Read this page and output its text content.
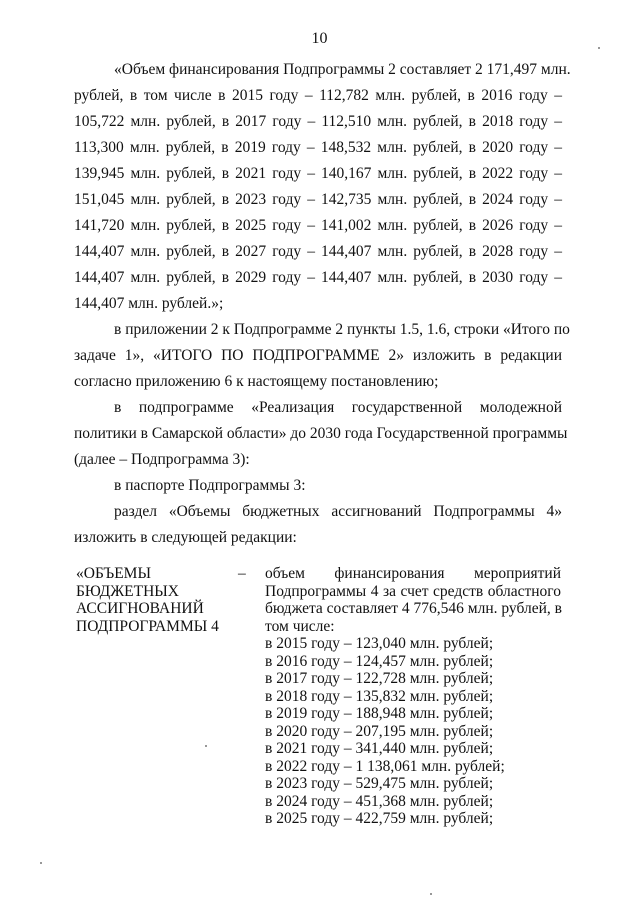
10
«Объем финансирования Подпрограммы 2 составляет 2 171,497 млн.
рублей, в том числе в 2015 году – 112,782 млн. рублей, в 2016 году –
105,722 млн. рублей, в 2017 году – 112,510 млн. рублей, в 2018 году –
113,300 млн. рублей, в 2019 году – 148,532 млн. рублей, в 2020 году –
139,945 млн. рублей, в 2021 году – 140,167 млн. рублей, в 2022 году –
151,045 млн. рублей, в 2023 году – 142,735 млн. рублей, в 2024 году –
141,720 млн. рублей, в 2025 году – 141,002 млн. рублей, в 2026 году –
144,407 млн. рублей, в 2027 году – 144,407 млн. рублей, в 2028 году –
144,407 млн. рублей, в 2029 году – 144,407 млн. рублей, в 2030 году –
144,407 млн. рублей.»;
в приложении 2 к Подпрограмме 2 пункты 1.5, 1.6, строки «Итого по
задаче 1», «ИТОГО ПО ПОДПРОГРАММЕ 2» изложить в редакции
согласно приложению 6 к настоящему постановлению;
в подпрограмме «Реализация государственной молодежной
политики в Самарской области» до 2030 года Государственной программы
(далее – Подпрограмма 3):
в паспорте Подпрограммы 3:
раздел «Объемы бюджетных ассигнований Подпрограммы 4»
изложить в следующей редакции:
«ОБЪЕМЫ
БЮДЖЕТНЫХ
АССИГНОВАНИЙ
ПОДПРОГРАММЫ 4
– объем финансирования мероприятий
Подпрограммы 4 за счет средств областного
бюджета составляет 4 776,546 млн. рублей, в
том числе:
в 2015 году – 123,040 млн. рублей;
в 2016 году – 124,457 млн. рублей;
в 2017 году – 122,728 млн. рублей;
в 2018 году – 135,832 млн. рублей;
в 2019 году – 188,948 млн. рублей;
в 2020 году – 207,195 млн. рублей;
в 2021 году – 341,440 млн. рублей;
в 2022 году – 1 138,061 млн. рублей;
в 2023 году – 529,475 млн. рублей;
в 2024 году – 451,368 млн. рублей;
в 2025 году – 422,759 млн. рублей;
